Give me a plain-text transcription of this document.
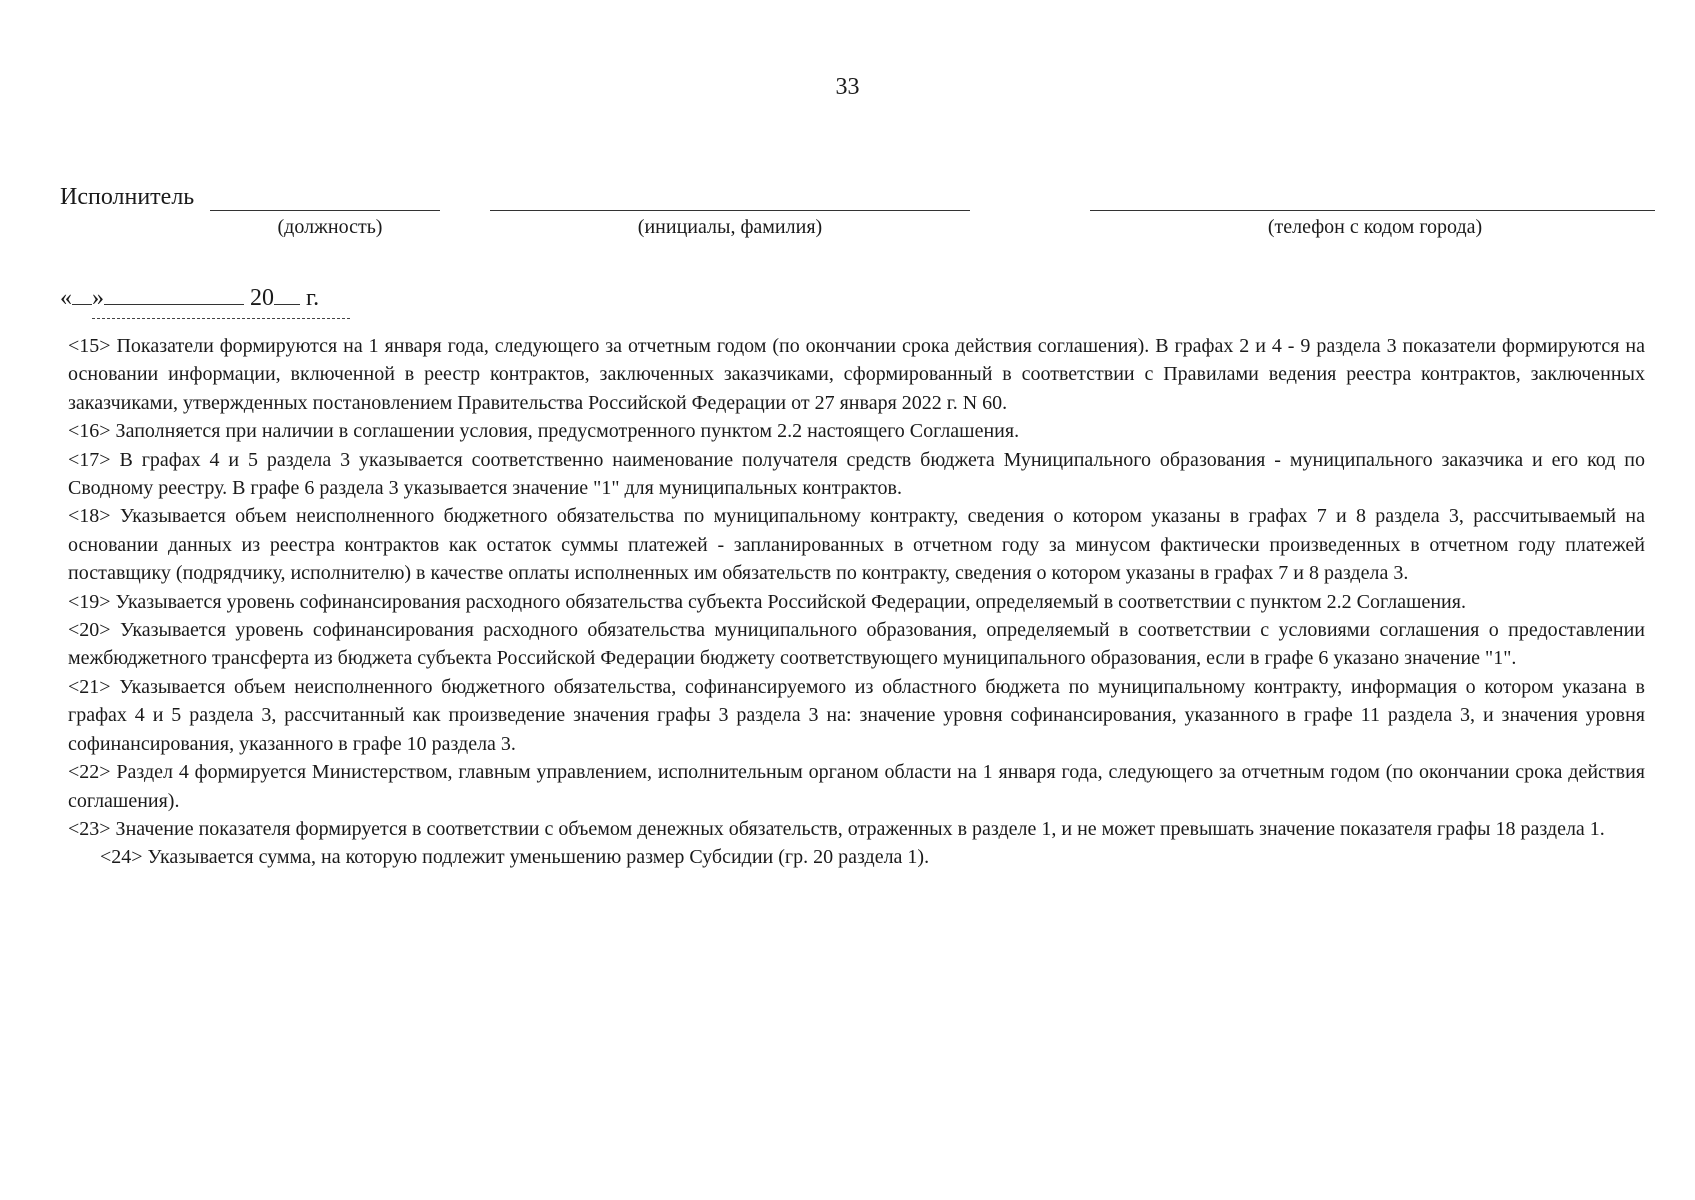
33
Исполнитель
(должность)	(инициалы, фамилия)	(телефон с кодом города)
« »	20 г.

<15> Показатели формируются на 1 января года, следующего за отчетным годом (по окончании срока действия соглашения). В графах 2 и 4 - 9 раздела 3 показатели формируются на основании информации, включенной в реестр контрактов, заключенных заказчиками, сформированный в соответствии с Правилами ведения реестра контрактов, заключенных заказчиками, утвержденных постановлением Правительства Российской Федерации от 27 января 2022 г. N 60.

<16> Заполняется при наличии в соглашении условия, предусмотренного пунктом 2.2 настоящего Соглашения.

<17> В графах 4 и 5 раздела 3 указывается соответственно наименование получателя средств бюджета Муниципального образования - муниципального заказчика и его код по Сводному реестру. В графе 6 раздела 3 указывается значение "1" для муниципальных контрактов.

<18> Указывается объем неисполненного бюджетного обязательства по муниципальному контракту, сведения о котором указаны в графах 7 и 8 раздела 3, рассчитываемый на основании данных из реестра контрактов как остаток суммы платежей - запланированных в отчетном году за минусом фактически произведенных в отчетном году платежей поставщику (подрядчику, исполнителю) в качестве оплаты исполненных им обязательств по контракту, сведения о котором указаны в графах 7 и 8 раздела 3.

<19> Указывается уровень софинансирования расходного обязательства субъекта Российской Федерации, определяемый в соответствии с пунктом 2.2 Соглашения.

<20> Указывается уровень софинансирования расходного обязательства муниципального образования, определяемый в соответствии с условиями соглашения о предоставлении межбюджетного трансферта из бюджета субъекта Российской Федерации бюджету соответствующего муниципального образования, если в графе 6 указано значение "1".

<21> Указывается объем неисполненного бюджетного обязательства, софинансируемого из областного бюджета по муниципальному контракту, информация о котором указана в графах 4 и 5 раздела 3, рассчитанный как произведение значения графы 3 раздела 3 на: значение уровня софинансирования, указанного в графе 11 раздела 3, и значения уровня софинансирования, указанного в графе 10 раздела 3.

<22> Раздел 4 формируется Министерством, главным управлением, исполнительным органом области на 1 января года, следующего за отчетным годом (по окончании срока действия соглашения).

<23> Значение показателя формируется в соответствии с объемом денежных обязательств, отраженных в разделе 1, и не может превышать значение показателя графы 18 раздела 1.

<24> Указывается сумма, на которую подлежит уменьшению размер Субсидии (гр. 20 раздела 1).
